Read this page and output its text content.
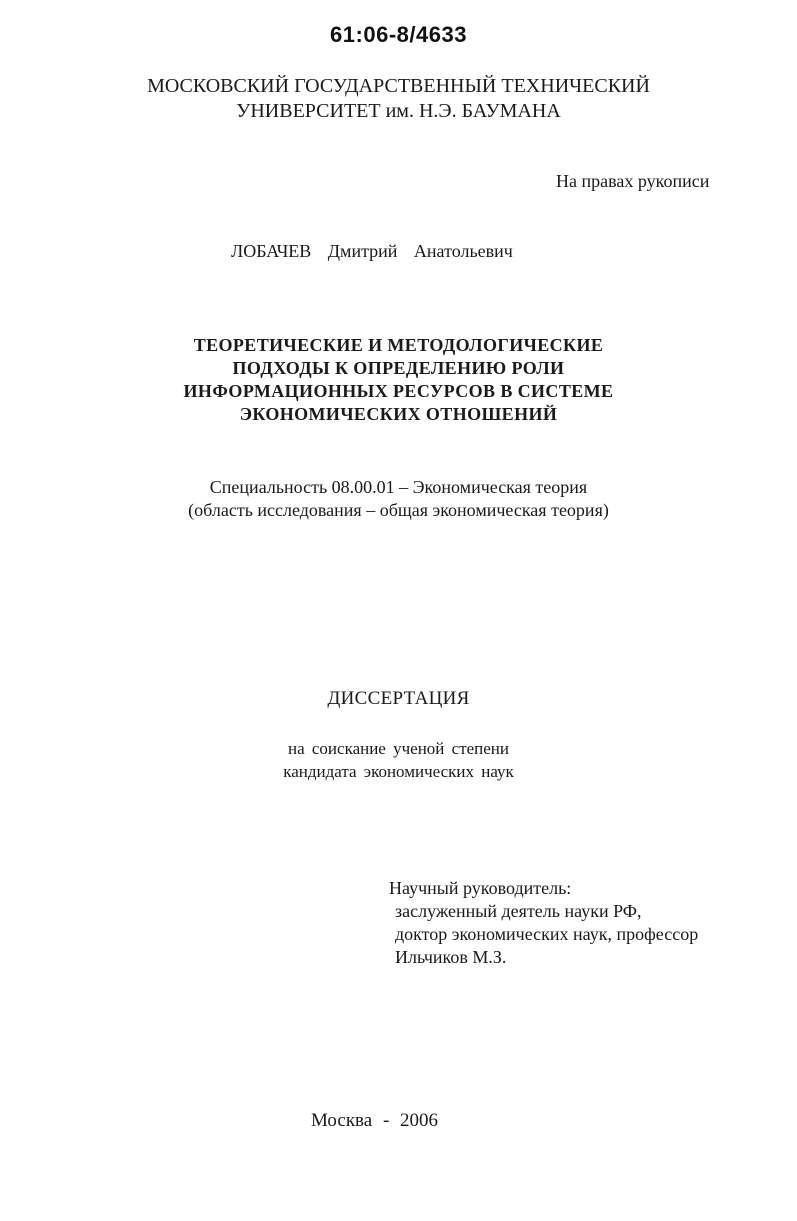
61:06-8/4633
МОСКОВСКИЙ ГОСУДАРСТВЕННЫЙ ТЕХНИЧЕСКИЙ
УНИВЕРСИТЕТ им. Н.Э. БАУМАНА
На правах рукописи
ЛОБАЧЕВ Дмитрий Анатольевич
ТЕОРЕТИЧЕСКИЕ И МЕТОДОЛОГИЧЕСКИЕ
ПОДХОДЫ К ОПРЕДЕЛЕНИЮ РОЛИ
ИНФОРМАЦИОННЫХ РЕСУРСОВ В СИСТЕМЕ
ЭКОНОМИЧЕСКИХ ОТНОШЕНИЙ
Специальность 08.00.01 – Экономическая теория
(область исследования – общая экономическая теория)
ДИССЕРТАЦИЯ
на соискание ученой степени
кандидата экономических наук
Научный руководитель:
заслуженный деятель науки РФ,
доктор экономических наук, профессор
Ильчиков М.З.
Москва - 2006
